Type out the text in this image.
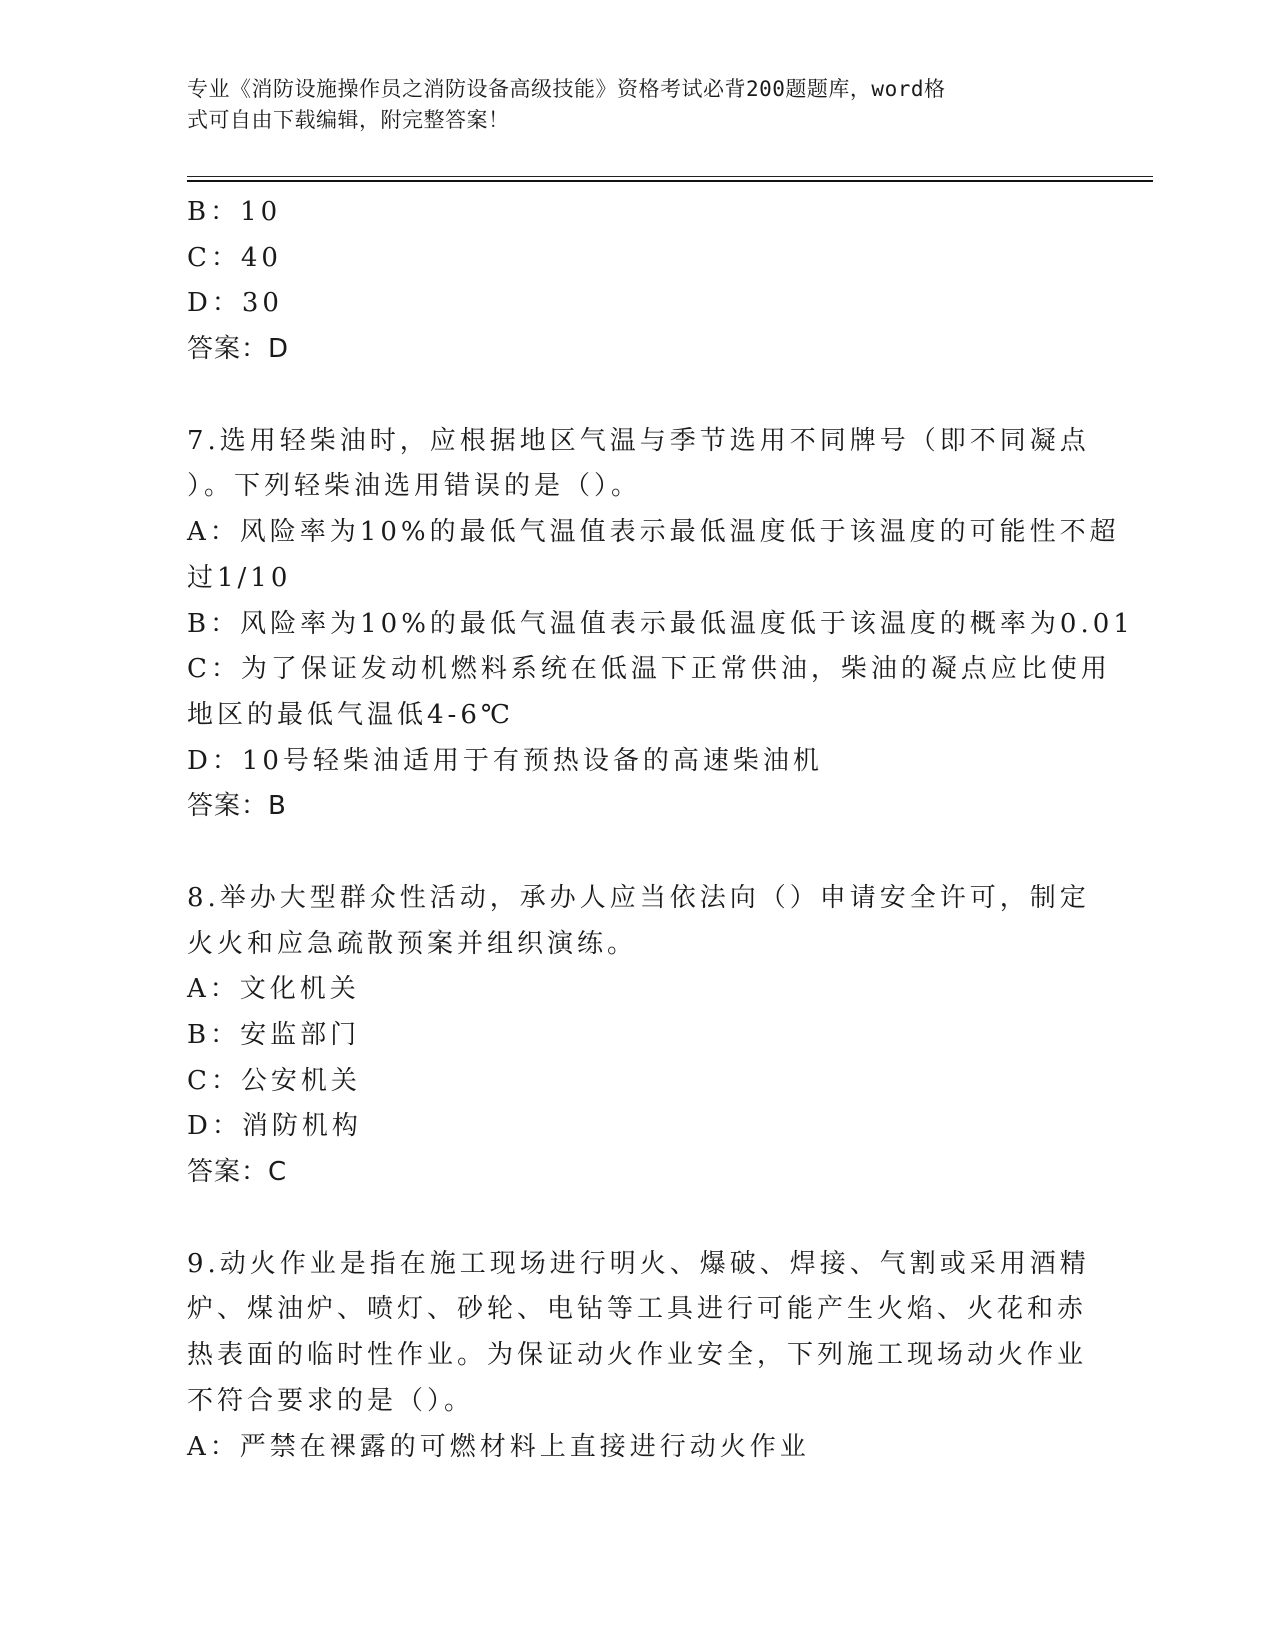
专业《消防设施操作员之消防设备高级技能》资格考试必背200题题库，word格
式可自由下载编辑，附完整答案！
B：10
C：40
D：30
答案：D
7.选用轻柴油时，应根据地区气温与季节选用不同牌号（即不同凝点
）。下列轻柴油选用错误的是（）。
A：风险率为10%的最低气温值表示最低温度低于该温度的可能性不超
过1/10
B：风险率为10%的最低气温值表示最低温度低于该温度的概率为0.01
C：为了保证发动机燃料系统在低温下正常供油，柴油的凝点应比使用
地区的最低气温低4-6℃
D：10号轻柴油适用于有预热设备的高速柴油机
答案：B
8.举办大型群众性活动，承办人应当依法向（）申请安全许可，制定
火火和应急疏散预案并组织演练。
A：文化机关
B：安监部门
C：公安机关
D：消防机构
答案：C
9.动火作业是指在施工现场进行明火、爆破、焊接、气割或采用酒精
炉、煤油炉、喷灯、砂轮、电钻等工具进行可能产生火焰、火花和赤
热表面的临时性作业。为保证动火作业安全，下列施工现场动火作业
不符合要求的是（）。
A：严禁在裸露的可燃材料上直接进行动火作业
